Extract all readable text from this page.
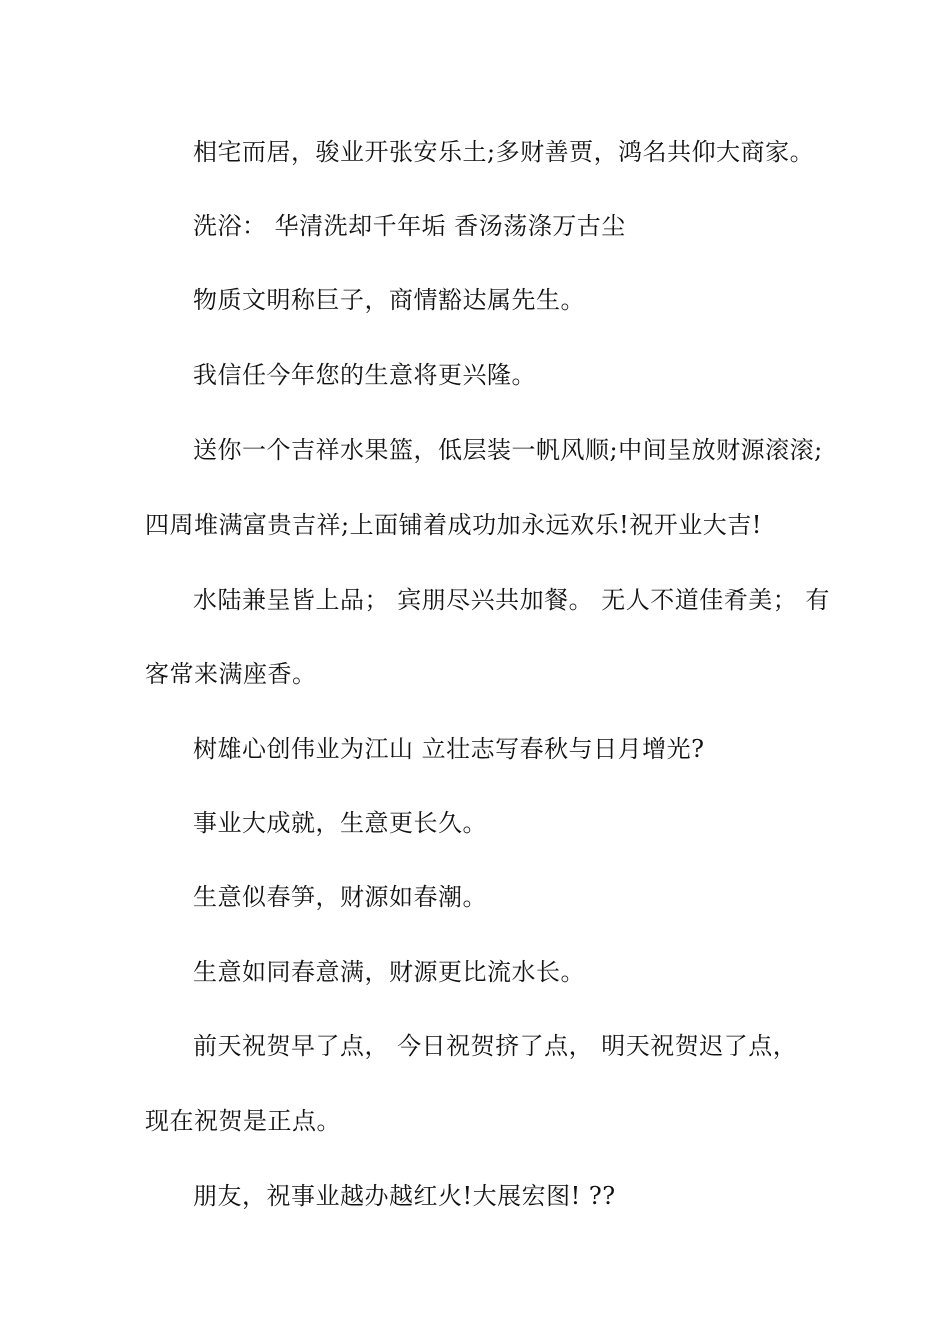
相宅而居，骏业开张安乐土;多财善贾，鸿名共仰大商家。
洗浴： 华清洗却千年垢 香汤荡涤万古尘
物质文明称巨子，商情豁达属先生。
我信任今年您的生意将更兴隆。
送你一个吉祥水果篮，低层装一帆风顺;中间呈放财源滚滚;
四周堆满富贵吉祥;上面铺着成功加永远欢乐!祝开业大吉!
水陆兼呈皆上品； 宾朋尽兴共加餐。 无人不道佳肴美； 有
客常来满座香。
树雄心创伟业为江山 立壮志写春秋与日月增光?
事业大成就，生意更长久。
生意似春笋，财源如春潮。
生意如同春意满，财源更比流水长。
前天祝贺早了点， 今日祝贺挤了点， 明天祝贺迟了点，
现在祝贺是正点。
朋友，祝事业越办越红火!大展宏图! ??
